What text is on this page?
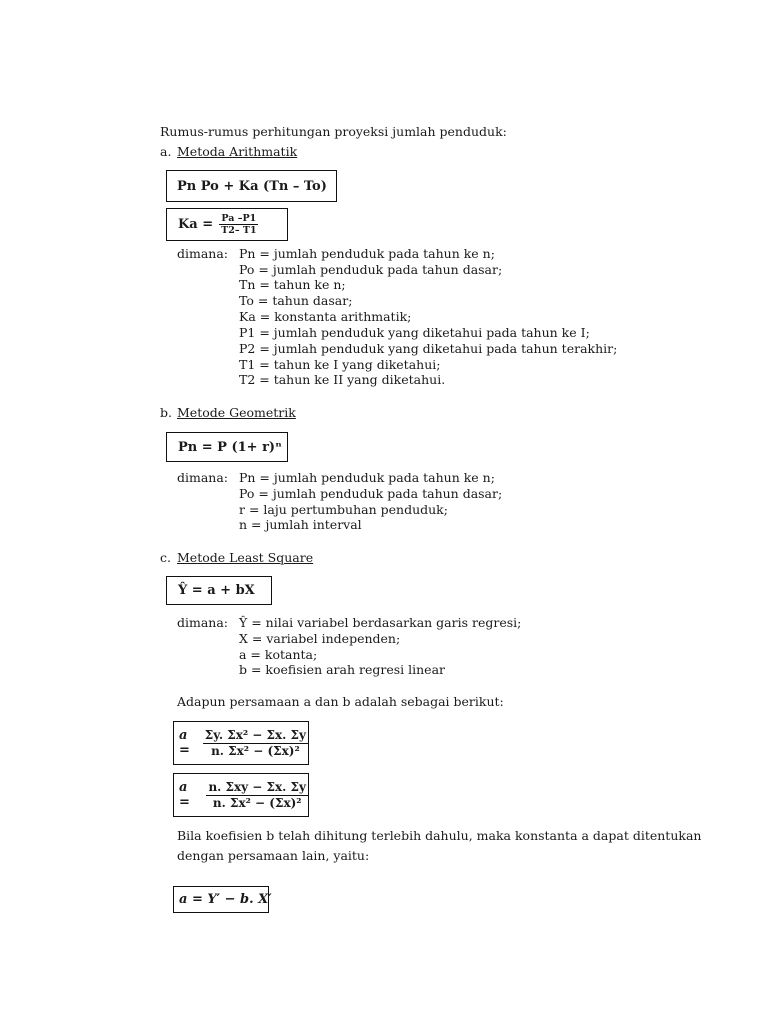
Rumus-rumus perhitungan proyeksi jumlah penduduk:
a. Metoda Arithmatik
Pn Po + Ka (Tn – To)
$Ka = \frac{Pa -P1}{T2- T1}$
dimana: Pn = jumlah penduduk pada tahun ke n;
Po = jumlah penduduk pada tahun dasar;
Tn = tahun ke n;
To = tahun dasar;
Ka = konstanta arithmatik;
P1 = jumlah penduduk yang diketahui pada tahun ke I;
P2 = jumlah penduduk yang diketahui pada tahun terakhir;
T1 = tahun ke I yang diketahui;
T2 = tahun ke II yang diketahui.
b. Metode Geometrik
Pn = P (1+ r)ⁿ
dimana: Pn = jumlah penduduk pada tahun ke n;
Po = jumlah penduduk pada tahun dasar;
r = laju pertumbuhan penduduk;
n = jumlah interval
c. Metode Least Square
Ŷ = a + bX
dimana: Ŷ = nilai variabel berdasarkan garis regresi;
X = variabel independen;
a = kotanta;
b = koefisien arah regresi linear
Adapun persamaan a dan b adalah sebagai berikut:
a =	$\frac{\text{Σy. Σx² − Σx. Σy}}{\text{n. Σx² − (Σx)²}}$
a =	$\frac{\text{n. Σxy − Σx. Σy}}{\text{n. Σx² − (Σx)²}}$
Bila koefisien b telah dihitung terlebih dahulu, maka konstanta a dapat ditentukan
dengan persamaan lain, yaitu:
a = Y′ − b. X′
